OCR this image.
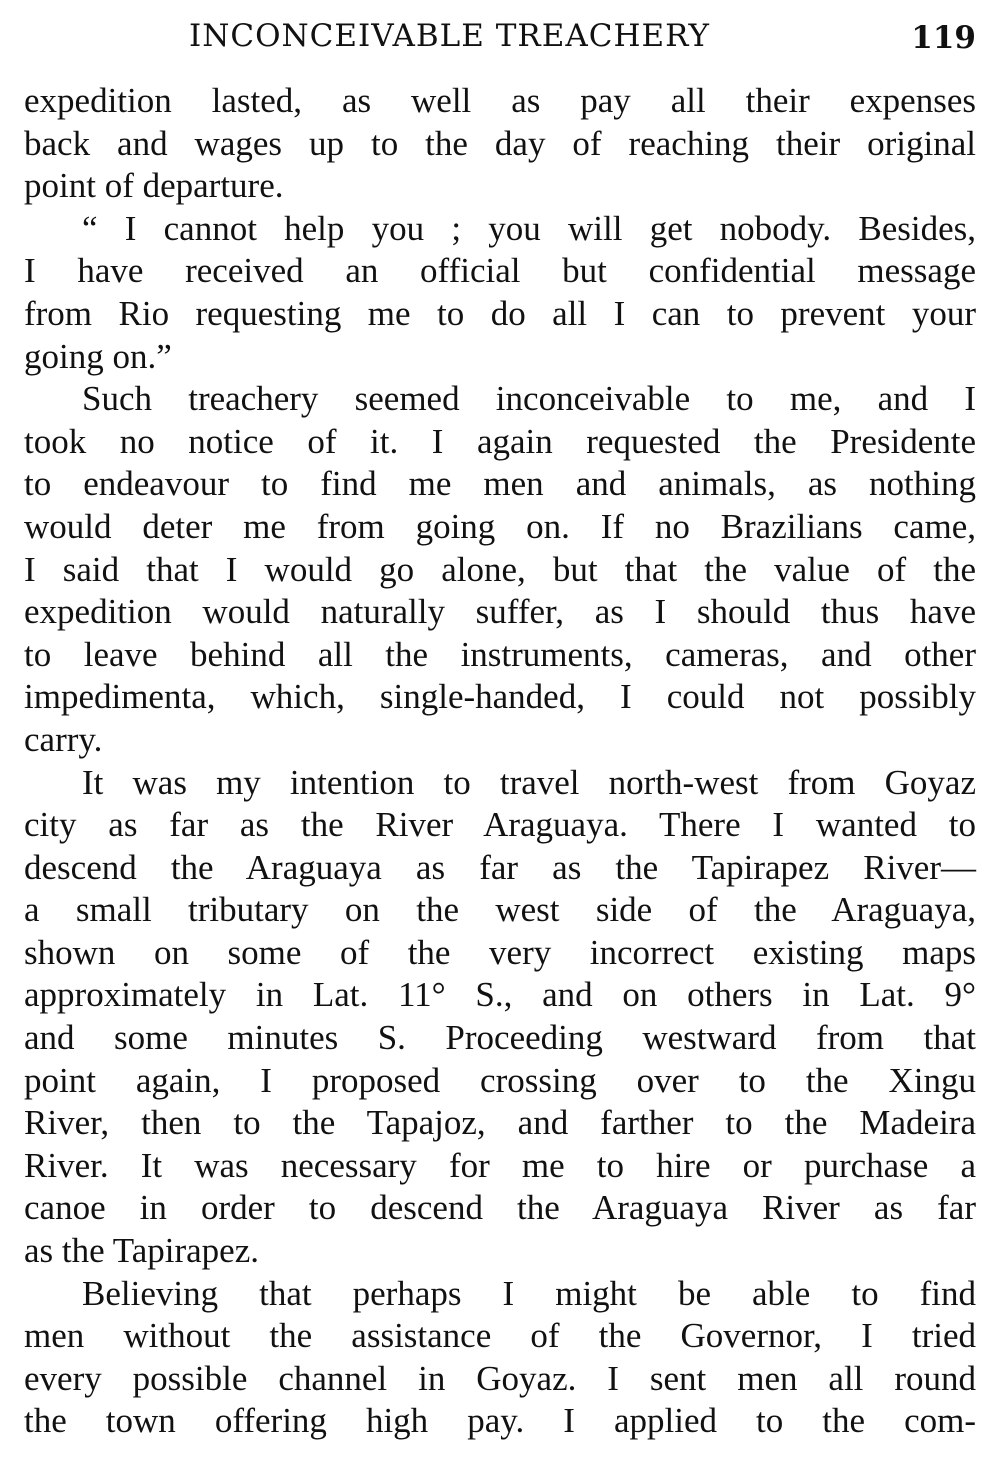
INCONCEIVABLE TREACHERY	119
expedition lasted, as well as pay all their expenses
back and wages up to the day of reaching their original
point of departure.
“ I cannot help you ; you will get nobody. Besides,
I have received an official but confidential message
from Rio requesting me to do all I can to prevent your
going on.”
Such treachery seemed inconceivable to me, and I
took no notice of it. I again requested the Presidente
to endeavour to find me men and animals, as nothing
would deter me from going on. If no Brazilians came,
I said that I would go alone, but that the value of the
expedition would naturally suffer, as I should thus have
to leave behind all the instruments, cameras, and other
impedimenta, which, single-handed, I could not possibly
carry.
It was my intention to travel north-west from Goyaz
city as far as the River Araguaya. There I wanted to
descend the Araguaya as far as the Tapirapez River—
a small tributary on the west side of the Araguaya,
shown on some of the very incorrect existing maps
approximately in Lat. 11° S., and on others in Lat. 9°
and some minutes S. Proceeding westward from that
point again, I proposed crossing over to the Xingu
River, then to the Tapajoz, and farther to the Madeira
River. It was necessary for me to hire or purchase a
canoe in order to descend the Araguaya River as far
as the Tapirapez.
Believing that perhaps I might be able to find
men without the assistance of the Governor, I tried
every possible channel in Goyaz. I sent men all round
the town offering high pay. I applied to the com-
